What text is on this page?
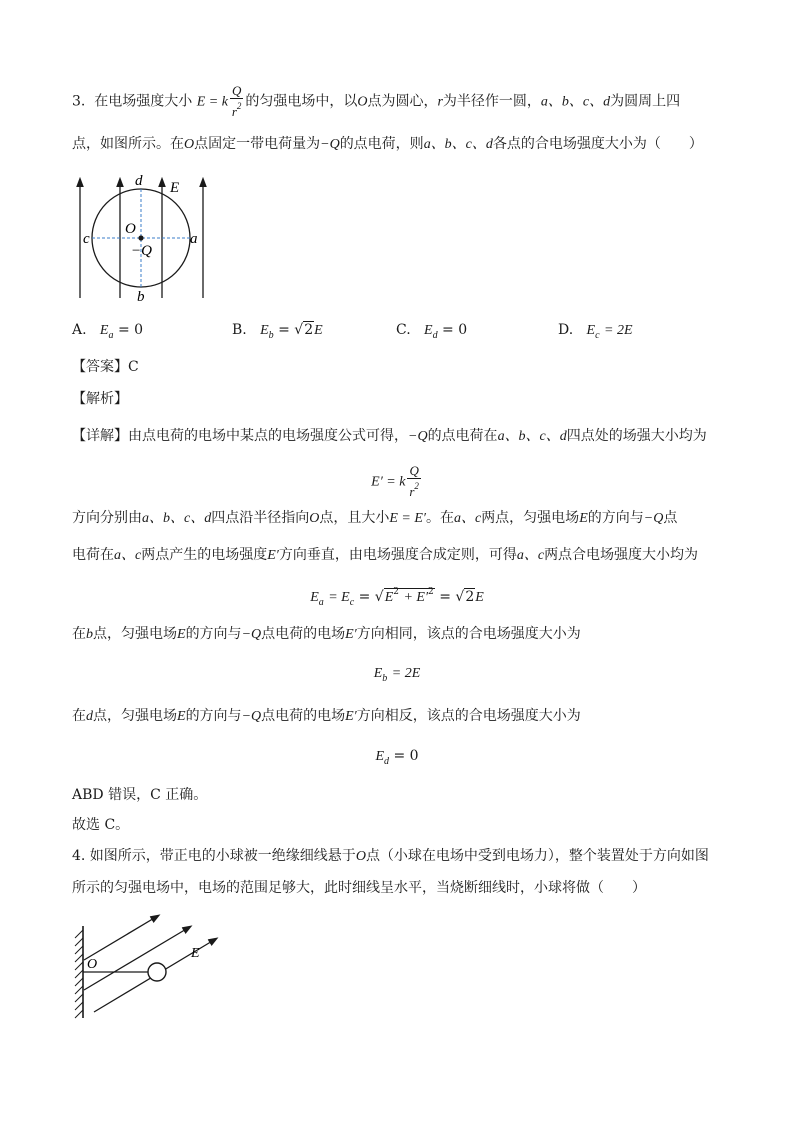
3. 在电场强度大小 E = k $\frac{Q}{r^2}$ 的匀强电场中，以O点为圆心，r为半径作一圆，a、b、c、d为圆周上四
点，如图所示。在O点固定一带电荷量为−Q的点电荷，则a、b、c、d各点的合电场强度大小为（　　）
d E
O
c
−Q
a
b
A. $E_a = 0$	B. $E_b = √2E$	C. $E_d = 0$	D. $E_c = 2E$
【答案】C
【解析】
【详解】由点电荷的电场中某点的电场强度公式可得，−Q的点电荷在a、b、c、d四点处的场强大小均为
E′ = k $\frac{Q}{r^2}$
方向分别由a、b、c、d四点沿半径指向O点，且大小E = E′。在a、c两点，匀强电场E的方向与−Q点
电荷在a、c两点产生的电场强度E′方向垂直，由电场强度合成定则，可得a、c两点合电场强度大小均为
$E_a = E_c = √E^2 + E'^2 = √2E$
在b点，匀强电场E的方向与−Q点电荷的电场E′方向相同，该点的合电场强度大小为
$E_b = 2E$
在d点，匀强电场E的方向与−Q点电荷的电场E′方向相反，该点的合电场强度大小为
$E_d = 0$
ABD 错误，C 正确。
故选 C。
4. 如图所示，带正电的小球被一绝缘细线悬于O点（小球在电场中受到电场力），整个装置处于方向如图
所示的匀强电场中，电场的范围足够大，此时细线呈水平，当烧断细线时，小球将做（　　）
O
E
